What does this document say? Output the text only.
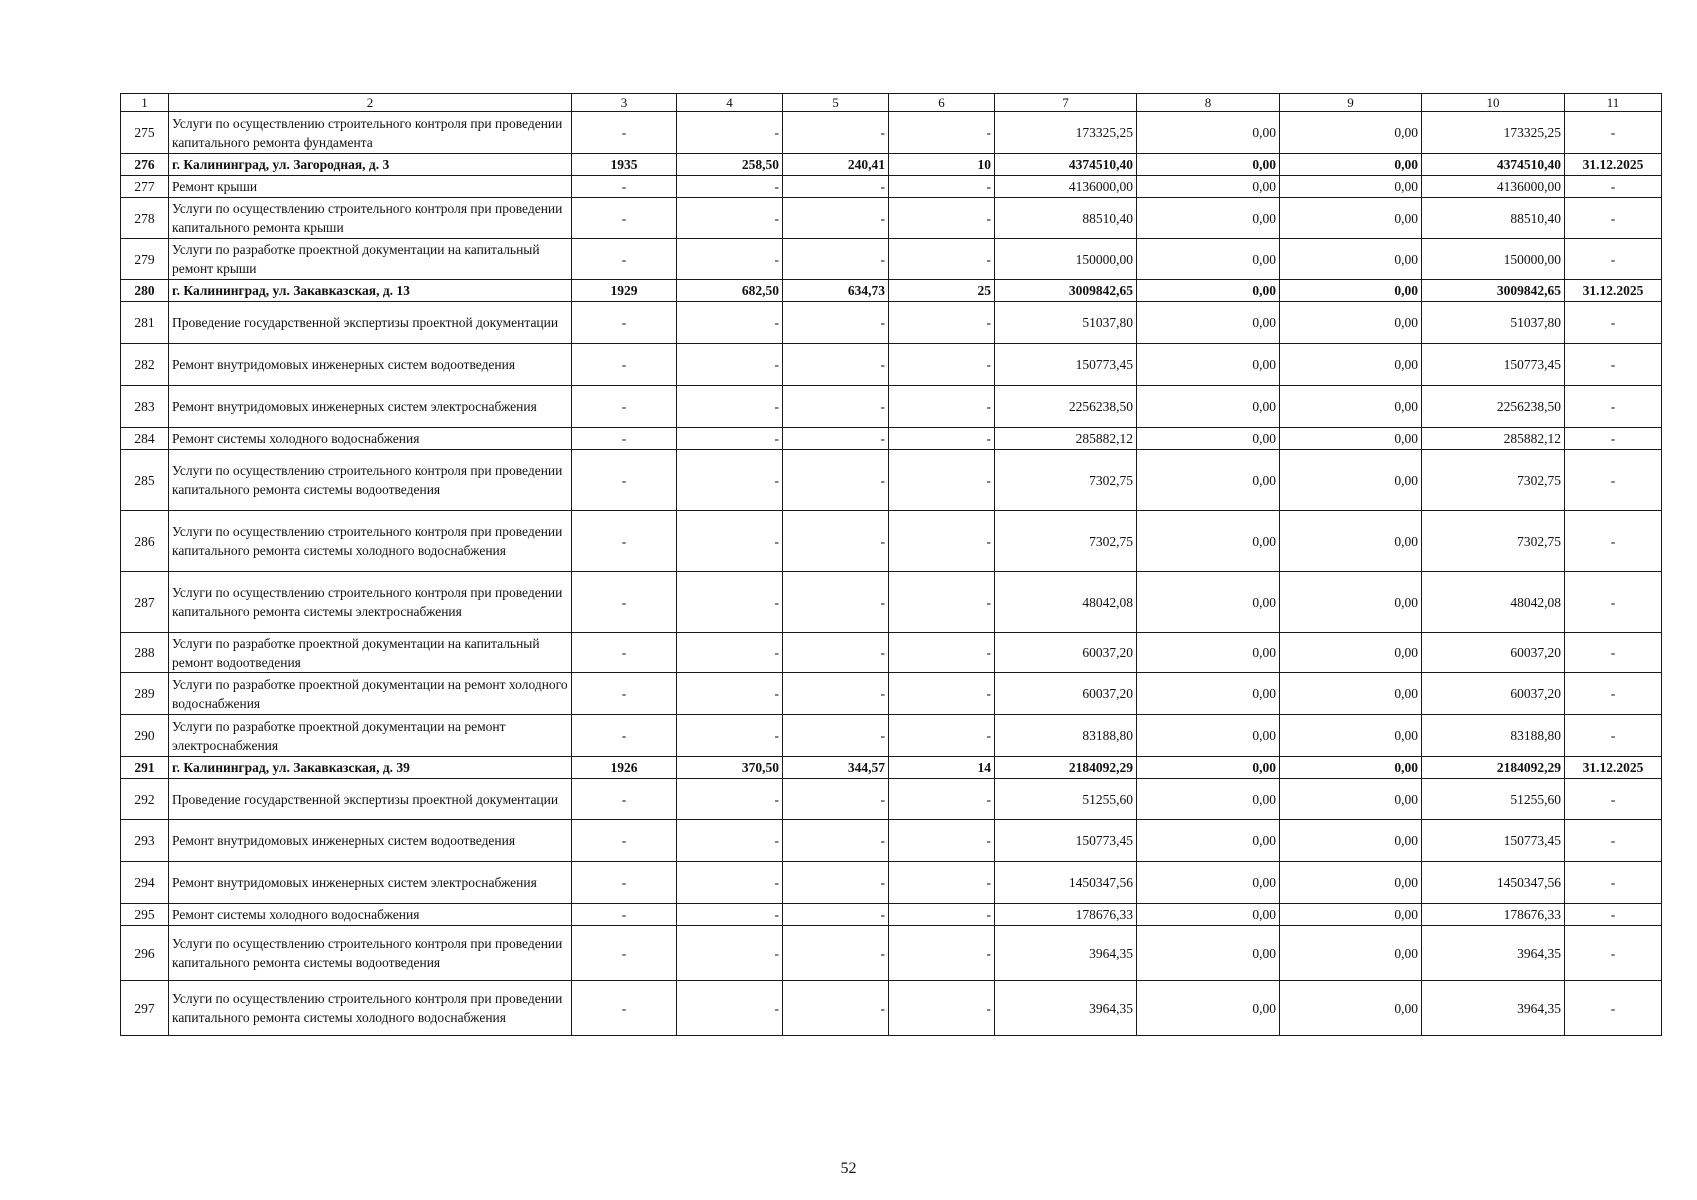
1	2	3	4	5	6	7	8	9	10	11
275	Услуги по осуществлению строительного контроля при проведении капитального ремонта фундамента	-	-	-	-	173325,25	0,00	0,00	173325,25	-
276	г. Калининград, ул. Загородная, д. 3	1935	258,50	240,41	10	4374510,40	0,00	0,00	4374510,40	31.12.2025
277	Ремонт крыши	-	-	-	-	4136000,00	0,00	0,00	4136000,00	-
278	Услуги по осуществлению строительного контроля при проведении капитального ремонта крыши	-	-	-	-	88510,40	0,00	0,00	88510,40	-
279	Услуги по разработке проектной документации на капитальный ремонт крыши	-	-	-	-	150000,00	0,00	0,00	150000,00	-
280	г. Калининград, ул. Закавказская, д. 13	1929	682,50	634,73	25	3009842,65	0,00	0,00	3009842,65	31.12.2025
281	Проведение государственной экспертизы проектной документации	-	-	-	-	51037,80	0,00	0,00	51037,80	-
282	Ремонт внутридомовых инженерных систем водоотведения	-	-	-	-	150773,45	0,00	0,00	150773,45	-
283	Ремонт внутридомовых инженерных систем электроснабжения	-	-	-	-	2256238,50	0,00	0,00	2256238,50	-
284	Ремонт системы холодного водоснабжения	-	-	-	-	285882,12	0,00	0,00	285882,12	-
285	Услуги по осуществлению строительного контроля при проведении капитального ремонта системы водоотведения	-	-	-	-	7302,75	0,00	0,00	7302,75	-
286	Услуги по осуществлению строительного контроля при проведении капитального ремонта системы холодного водоснабжения	-	-	-	-	7302,75	0,00	0,00	7302,75	-
287	Услуги по осуществлению строительного контроля при проведении капитального ремонта системы электроснабжения	-	-	-	-	48042,08	0,00	0,00	48042,08	-
288	Услуги по разработке проектной документации на капитальный ремонт водоотведения	-	-	-	-	60037,20	0,00	0,00	60037,20	-
289	Услуги по разработке проектной документации на ремонт холодного водоснабжения	-	-	-	-	60037,20	0,00	0,00	60037,20	-
290	Услуги по разработке проектной документации на ремонт электроснабжения	-	-	-	-	83188,80	0,00	0,00	83188,80	-
291	г. Калининград, ул. Закавказская, д. 39	1926	370,50	344,57	14	2184092,29	0,00	0,00	2184092,29	31.12.2025
292	Проведение государственной экспертизы проектной документации	-	-	-	-	51255,60	0,00	0,00	51255,60	-
293	Ремонт внутридомовых инженерных систем водоотведения	-	-	-	-	150773,45	0,00	0,00	150773,45	-
294	Ремонт внутридомовых инженерных систем электроснабжения	-	-	-	-	1450347,56	0,00	0,00	1450347,56	-
295	Ремонт системы холодного водоснабжения	-	-	-	-	178676,33	0,00	0,00	178676,33	-
296	Услуги по осуществлению строительного контроля при проведении капитального ремонта системы водоотведения	-	-	-	-	3964,35	0,00	0,00	3964,35	-
297	Услуги по осуществлению строительного контроля при проведении капитального ремонта системы холодного водоснабжения	-	-	-	-	3964,35	0,00	0,00	3964,35	-
52
